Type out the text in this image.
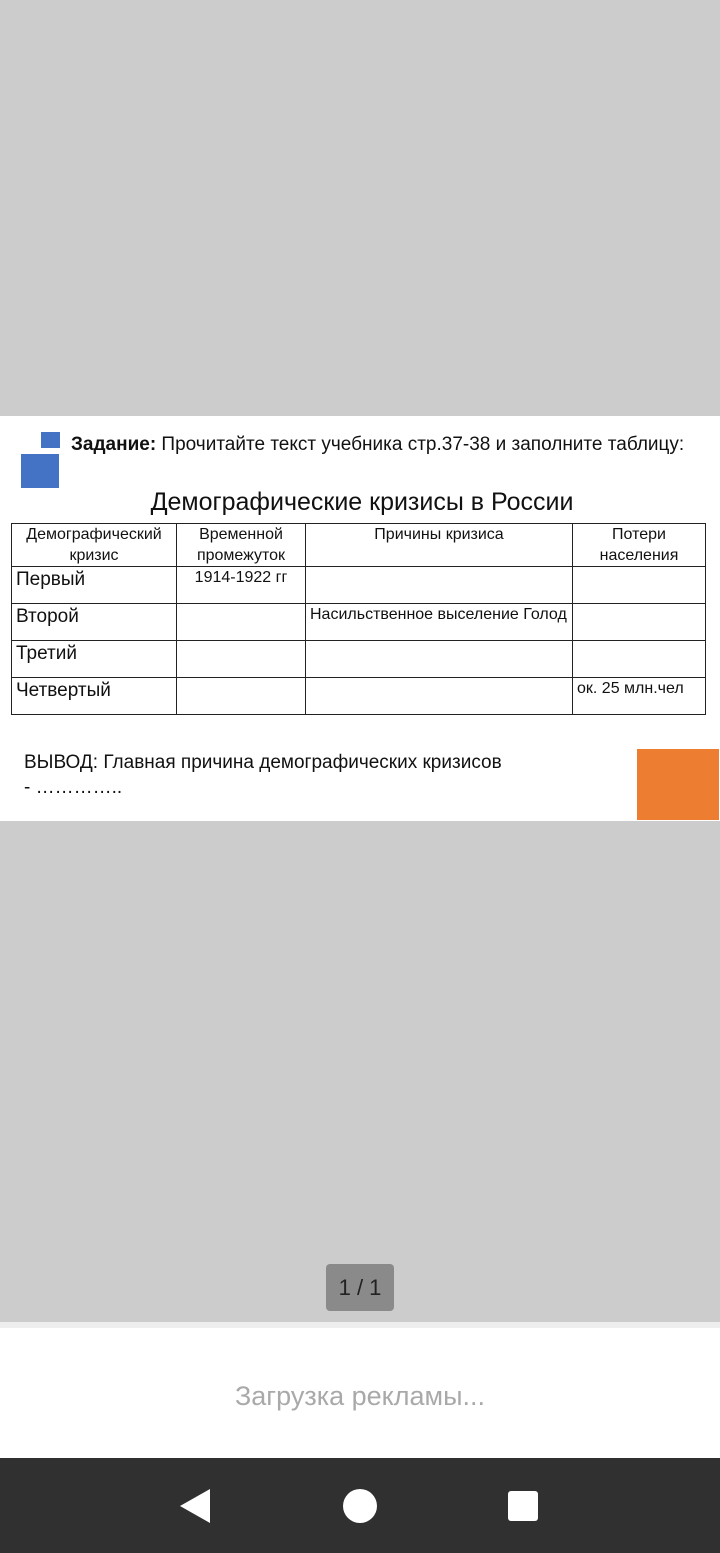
Задание: Прочитайте текст учебника стр.37-38 и заполните таблицу:
Демографические кризисы в России
Демографический кризис	Временной промежуток	Причины кризиса	Потери населения
Первый	1914-1922 гг		
Второй		Насильственное выселение Голод	
Третий			
Четвертый			ок. 25 млн.чел
ВЫВОД: Главная причина демографических кризисов
- …………..
1 / 1
Загрузка рекламы...
